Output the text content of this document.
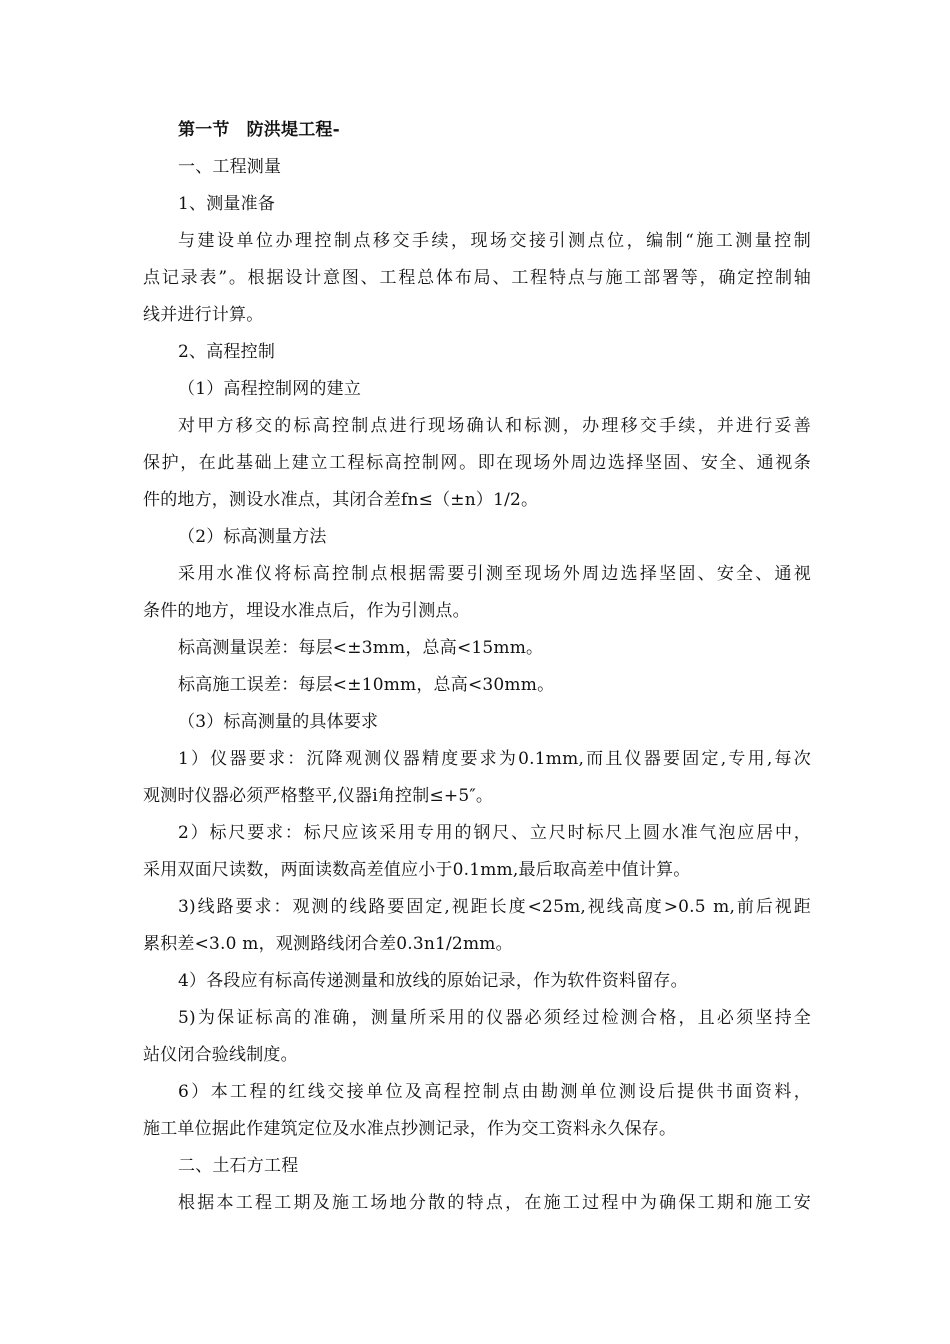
第一节 防洪堤工程-
一、工程测量
1、测量准备
与建设单位办理控制点移交手续，现场交接引测点位，编制“施工测量控制
点记录表”。根据设计意图、工程总体布局、工程特点与施工部署等，确定控制轴
线并进行计算。
2、高程控制
（1）高程控制网的建立
对甲方移交的标高控制点进行现场确认和标测，办理移交手续，并进行妥善
保护，在此基础上建立工程标高控制网。即在现场外周边选择坚固、安全、通视条
件的地方，测设水准点，其闭合差fn≤（±n）1/2。
（2）标高测量方法
采用水准仪将标高控制点根据需要引测至现场外周边选择坚固、安全、通视
条件的地方，埋设水准点后，作为引测点。
标高测量误差：每层<±3mm，总高<15mm。
标高施工误差：每层<±10mm，总高<30mm。
（3）标高测量的具体要求
1）仪器要求：沉降观测仪器精度要求为0.1mm,而且仪器要固定,专用,每次
观测时仪器必须严格整平,仪器i角控制≤+5″。
2）标尺要求：标尺应该采用专用的钢尺、立尺时标尺上圆水准气泡应居中，
采用双面尺读数，两面读数高差值应小于0.1mm,最后取高差中值计算。
3)线路要求：观测的线路要固定,视距长度<25m,视线高度>0.5 m,前后视距
累积差<3.0 m，观测路线闭合差0.3n1/2mm。
4）各段应有标高传递测量和放线的原始记录，作为软件资料留存。
5)为保证标高的准确，测量所采用的仪器必须经过检测合格，且必须坚持全
站仪闭合验线制度。
6）本工程的红线交接单位及高程控制点由勘测单位测设后提供书面资料，
施工单位据此作建筑定位及水准点抄测记录，作为交工资料永久保存。
二、土石方工程
根据本工程工期及施工场地分散的特点，在施工过程中为确保工期和施工安
